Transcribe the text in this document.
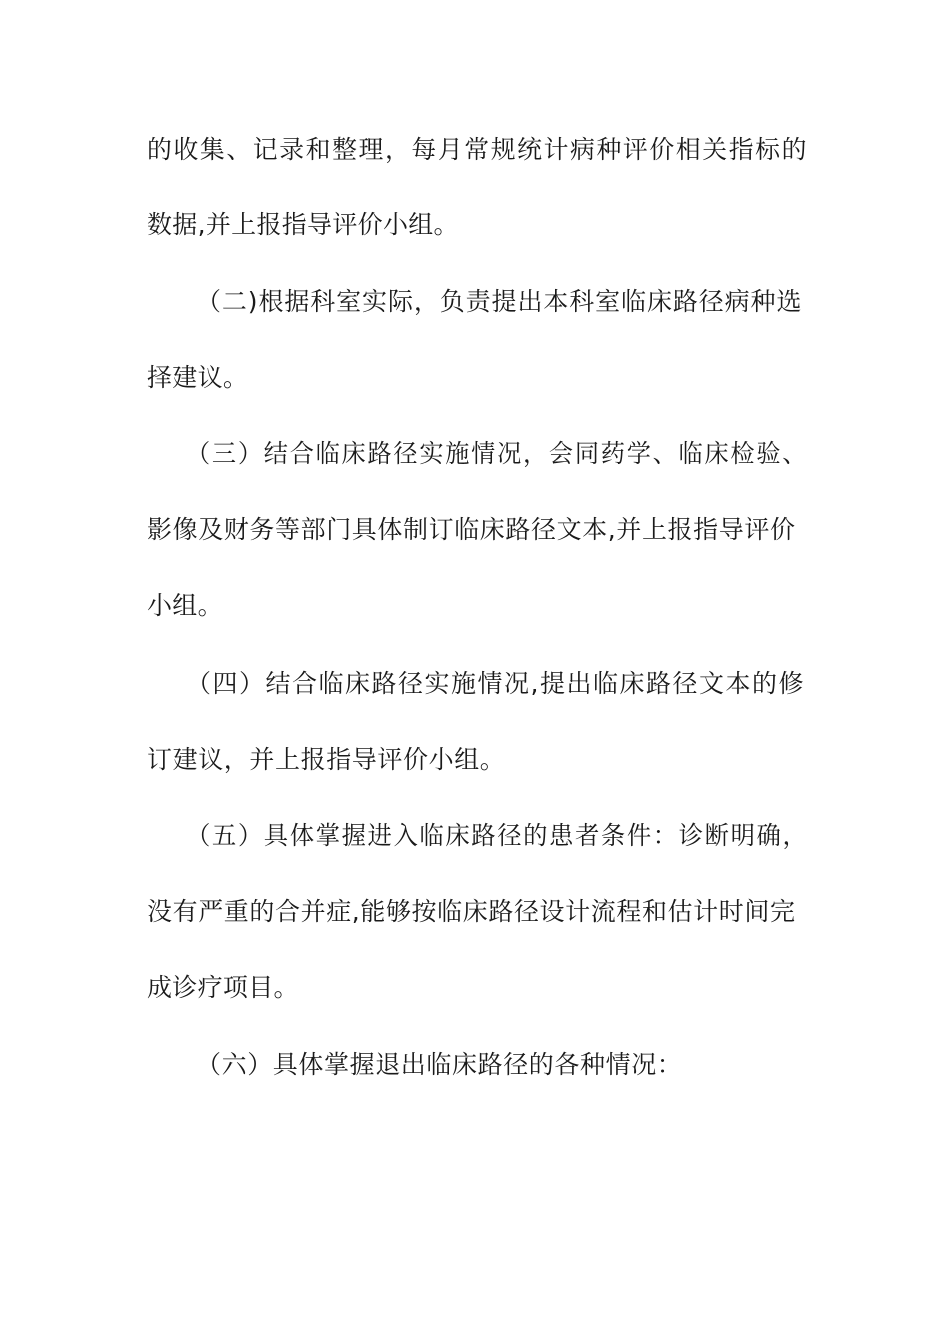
的收集、记录和整理，每月常规统计病种评价相关指标的
数据,并上报指导评价小组。
（二)根据科室实际，负责提出本科室临床路径病种选
择建议。
（三）结合临床路径实施情况，会同药学、临床检验、
影像及财务等部门具体制订临床路径文本,并上报指导评价
小组。
（四）结合临床路径实施情况,提出临床路径文本的修
订建议，并上报指导评价小组。
（五）具体掌握进入临床路径的患者条件：诊断明确，
没有严重的合并症,能够按临床路径设计流程和估计时间完
成诊疗项目。
（六）具体掌握退出临床路径的各种情况：
